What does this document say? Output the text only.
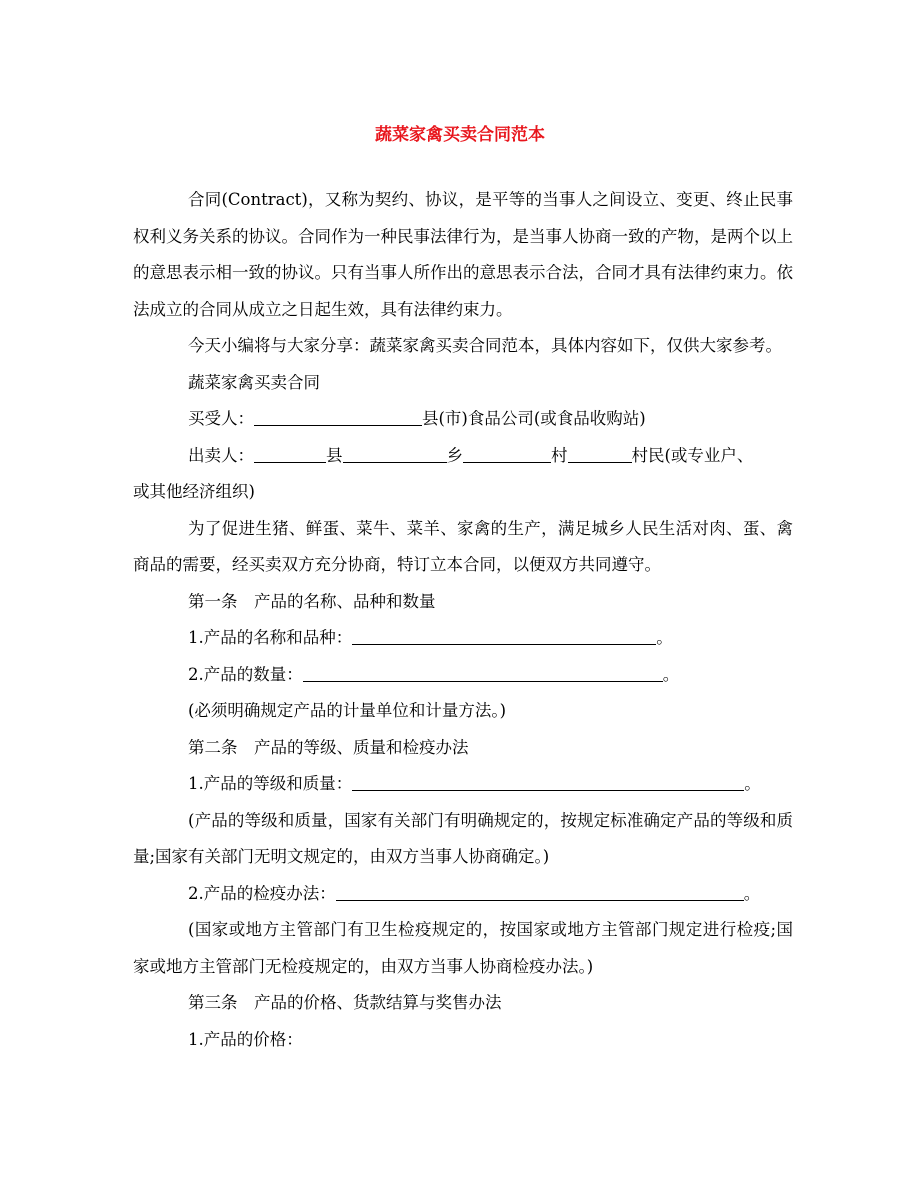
蔬菜家禽买卖合同范本

合同(Contract)，又称为契约、协议，是平等的当事人之间设立、变更、终止民事权利义务关系的协议。合同作为一种民事法律行为，是当事人协商一致的产物，是两个以上的意思表示相一致的协议。只有当事人所作出的意思表示合法，合同才具有法律约束力。依法成立的合同从成立之日起生效，具有法律约束力。

今天小编将与大家分享：蔬菜家禽买卖合同范本，具体内容如下，仅供大家参考。

蔬菜家禽买卖合同

买受人：	县(市)食品公司(或食品收购站)

出卖人：	县	乡	村	村民(或专业户、

或其他经济组织)

为了促进生猪、鲜蛋、菜牛、菜羊、家禽的生产，满足城乡人民生活对肉、蛋、禽商品的需要，经买卖双方充分协商，特订立本合同，以便双方共同遵守。

第一条　产品的名称、品种和数量

1.产品的名称和品种：	。

2.产品的数量：	。

(必须明确规定产品的计量单位和计量方法。)

第二条　产品的等级、质量和检疫办法

1.产品的等级和质量：	。

(产品的等级和质量，国家有关部门有明确规定的，按规定标准确定产品的等级和质量;国家有关部门无明文规定的，由双方当事人协商确定。)

2.产品的检疫办法：	。

(国家或地方主管部门有卫生检疫规定的，按国家或地方主管部门规定进行检疫;国家或地方主管部门无检疫规定的，由双方当事人协商检疫办法。)

第三条　产品的价格、货款结算与奖售办法

1.产品的价格：
